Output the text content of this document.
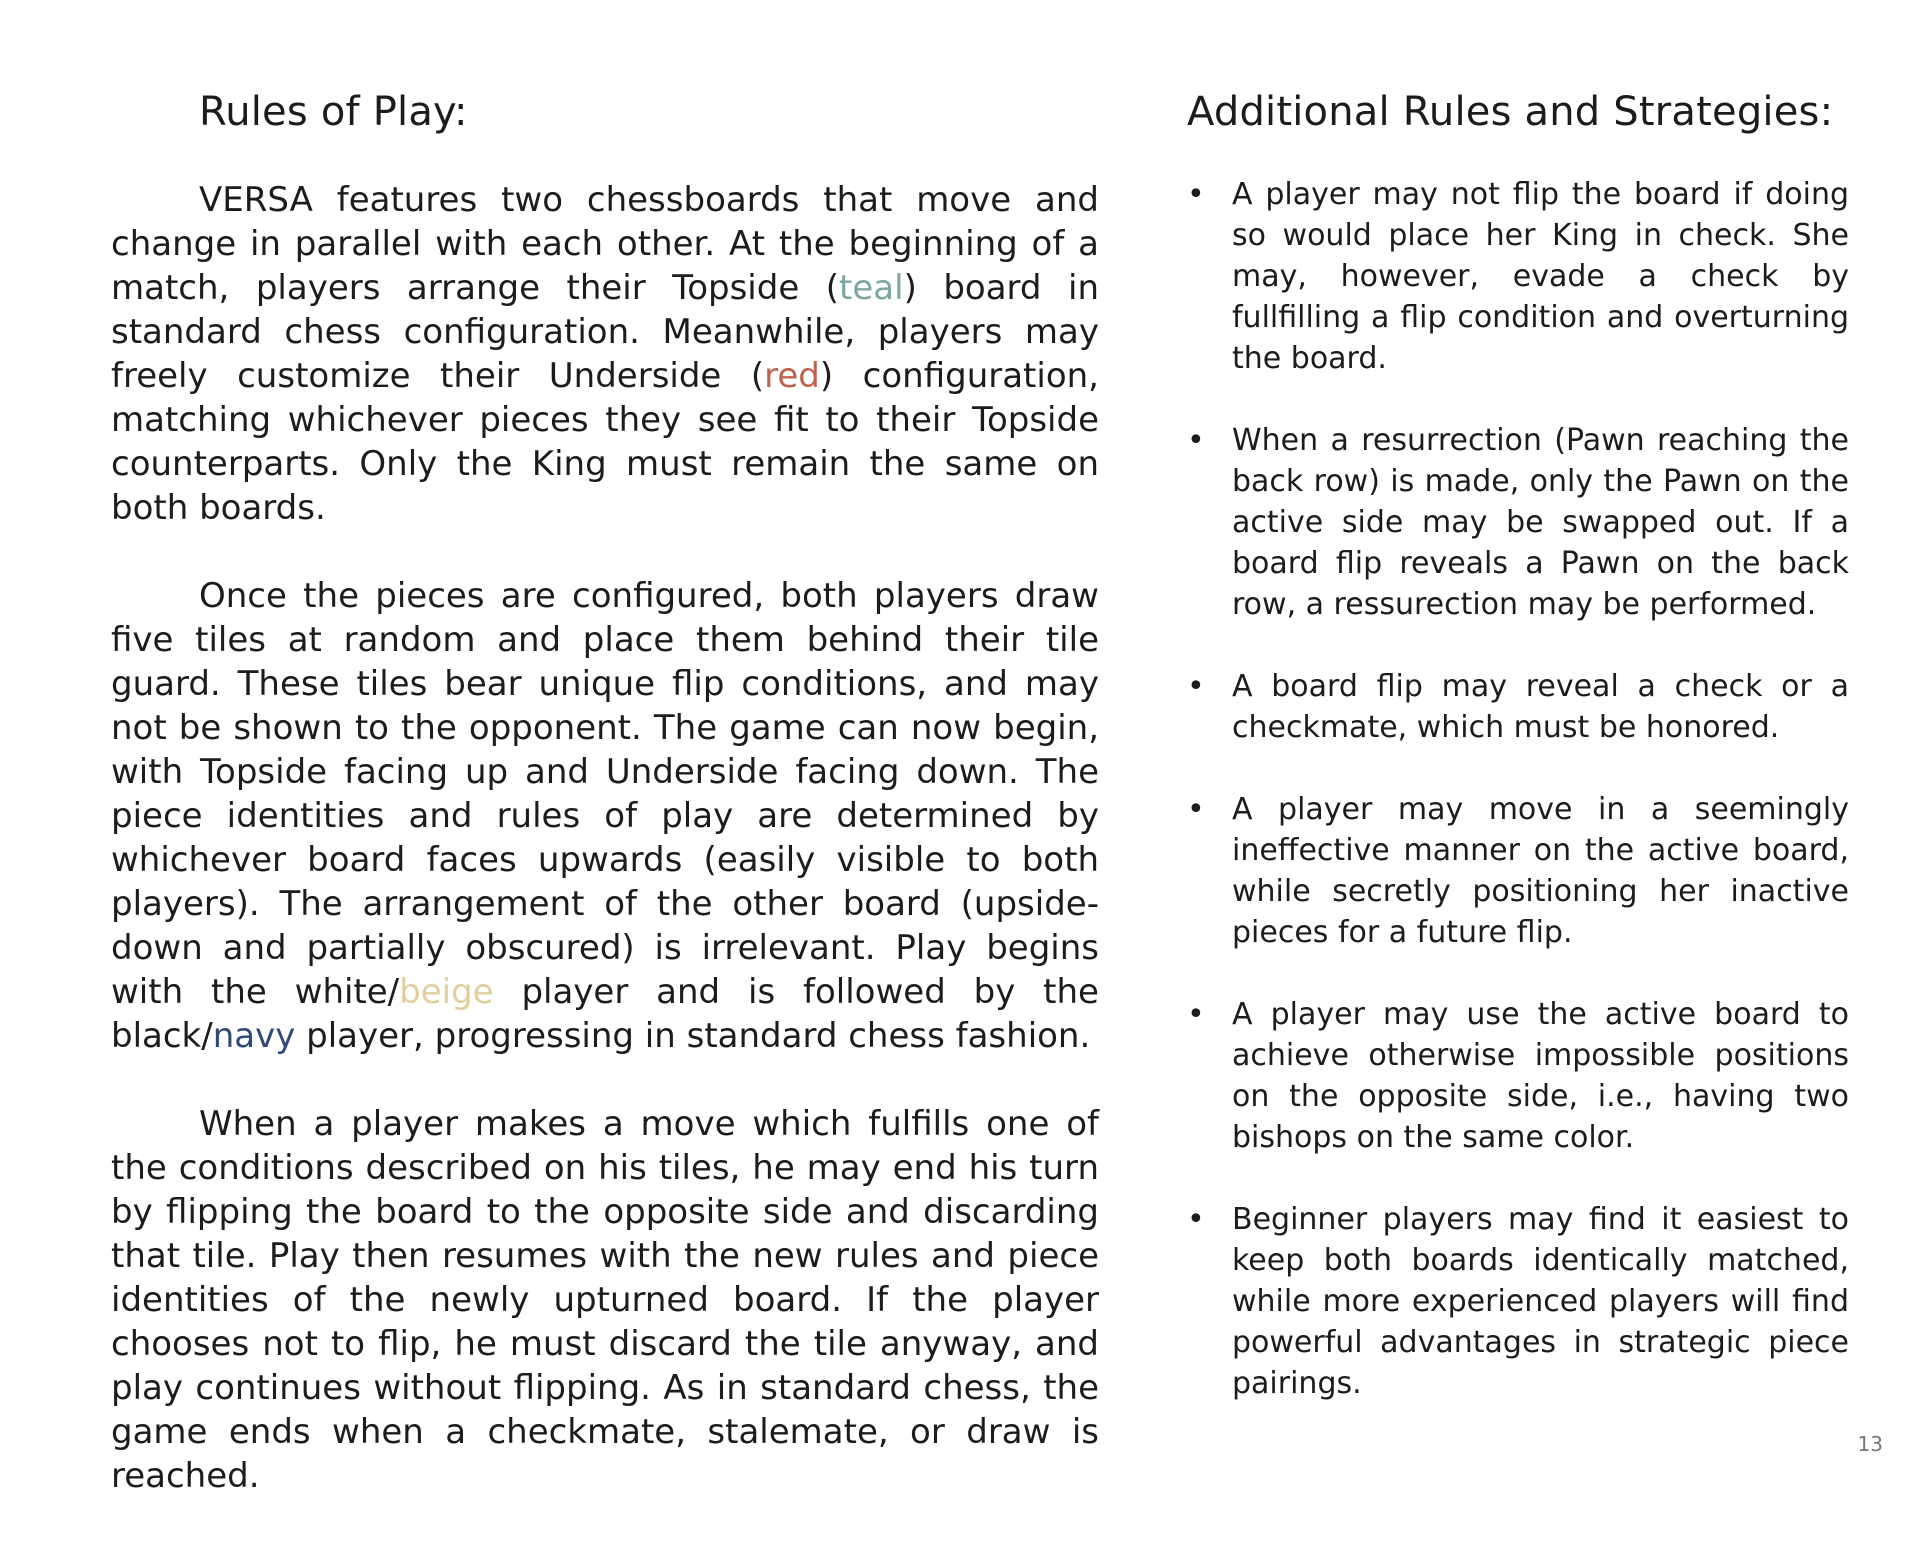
Rules of Play:

VERSA features two chessboards that move and change in parallel with each other. At the beginning of a match, players arrange their Topside (teal) board in standard chess configuration. Meanwhile, players may freely customize their Underside (red) configuration, matching whichever pieces they see fit to their Topside counterparts. Only the King must remain the same on both boards.

Once the pieces are configured, both players draw five tiles at random and place them behind their tile guard. These tiles bear unique flip conditions, and may not be shown to the opponent. The game can now begin, with Topside facing up and Underside facing down. The piece identities and rules of play are determined by whichever board faces upwards (easily visible to both players). The arrangement of the other board (upside-down and partially obscured) is irrelevant. Play begins with the white/beige player and is followed by the black/navy player, progressing in standard chess fashion.

When a player makes a move which fulfills one of the conditions described on his tiles, he may end his turn by flipping the board to the opposite side and discarding that tile. Play then resumes with the new rules and piece identities of the newly upturned board. If the player chooses not to flip, he must discard the tile anyway, and play continues without flipping. As in standard chess, the game ends when a checkmate, stalemate, or draw is reached.

Additional Rules and Strategies:
• A player may not flip the board if doing so would place her King in check. She may, however, evade a check by fullfilling a flip condition and overturning the board.
• When a resurrection (Pawn reaching the back row) is made, only the Pawn on the active side may be swapped out. If a board flip reveals a Pawn on the back row, a ressurection may be performed.
• A board flip may reveal a check or a checkmate, which must be honored.
• A player may move in a seemingly ineffective manner on the active board, while secretly positioning her inactive pieces for a future flip.
• A player may use the active board to achieve otherwise impossible positions on the opposite side, i.e., having two bishops on the same color.
• Beginner players may find it easiest to keep both boards identically matched, while more experienced players will find powerful advantages in strategic piece pairings.
13
